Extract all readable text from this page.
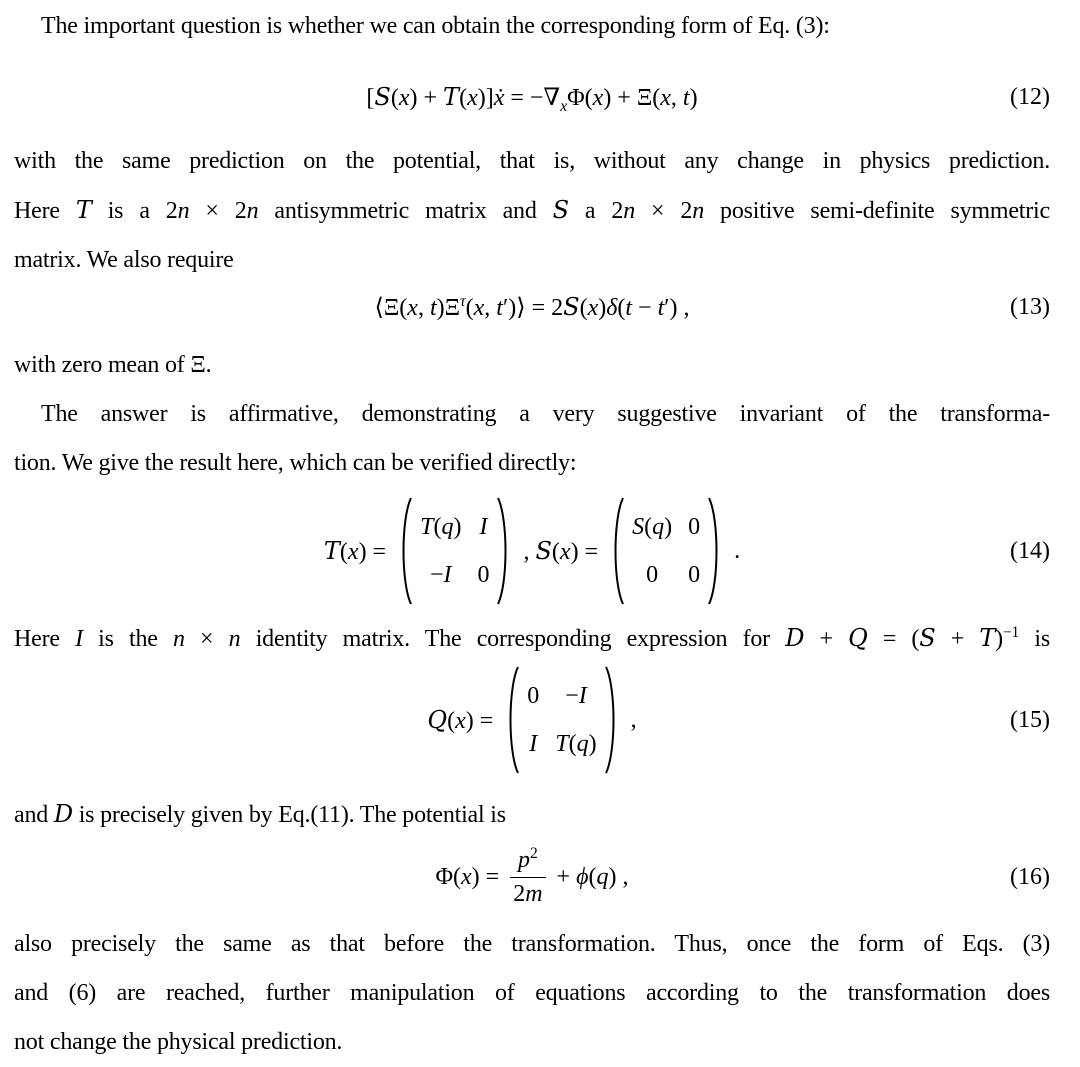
The important question is whether we can obtain the corresponding form of Eq. (3):
[S(x) + T(x)]ẋ = $-\nabla_x\Phi(x) + \Xi(x$, t)	(12)
with the same prediction on the potential, that is, without any change in physics prediction.
Here T is a 2n × 2n antisymmetric matrix and S a 2n × 2n positive semi-definite symmetric
matrix. We also require
⟨Ξ(x, $t)\Xi^\tau(x$, t′)⟩ = 2S(x)δ(t − t′) ,	(13)
with zero mean of Ξ.
The answer is affirmative, demonstrating a very suggestive invariant of the transforma-
tion. We give the result here, which can be verified directly:
T(x) =
T(q) I
−I 0
, S(x) =
S(q) 0
0 0
.	(14)
Here I is the n × n identity matrix. The corresponding expression for $D + Q = (S + T)^{-1}$ is
Q(x) =
0 −I
I T(q)
,	(15)
and D is precisely given by Eq.(11). The potential is
$\Phi(x) = \frac{p^2}{2m} + \phi(q)$ ,	(16)
also precisely the same as that before the transformation. Thus, once the form of Eqs. (3)
and (6) are reached, further manipulation of equations according to the transformation does
not change the physical prediction.
